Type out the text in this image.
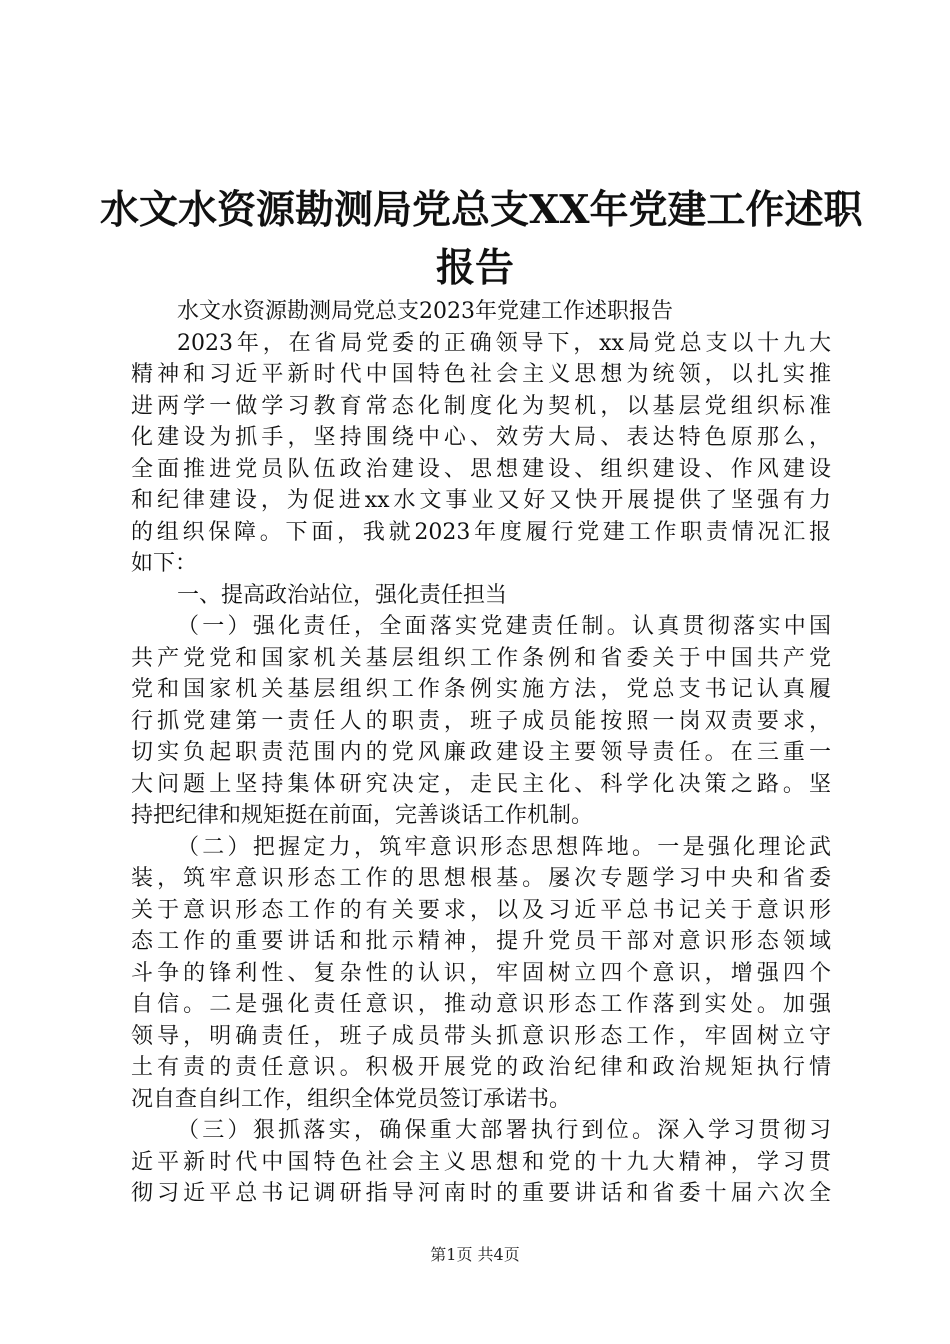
水文水资源勘测局党总支XX年党建工作述职
报告
水文水资源勘测局党总支2023年党建工作述职报告
2023年，在省局党委的正确领导下，xx局党总支以十九大
精神和习近平新时代中国特色社会主义思想为统领，以扎实推
进两学一做学习教育常态化制度化为契机，以基层党组织标准
化建设为抓手，坚持围绕中心、效劳大局、表达特色原那么，
全面推进党员队伍政治建设、思想建设、组织建设、作风建设
和纪律建设，为促进xx水文事业又好又快开展提供了坚强有力
的组织保障。下面，我就2023年度履行党建工作职责情况汇报
如下：
一、提高政治站位，强化责任担当
（一）强化责任，全面落实党建责任制。认真贯彻落实中国
共产党党和国家机关基层组织工作条例和省委关于中国共产党
党和国家机关基层组织工作条例实施方法，党总支书记认真履
行抓党建第一责任人的职责，班子成员能按照一岗双责要求，
切实负起职责范围内的党风廉政建设主要领导责任。在三重一
大问题上坚持集体研究决定，走民主化、科学化决策之路。坚
持把纪律和规矩挺在前面，完善谈话工作机制。
（二）把握定力，筑牢意识形态思想阵地。一是强化理论武
装，筑牢意识形态工作的思想根基。屡次专题学习中央和省委
关于意识形态工作的有关要求，以及习近平总书记关于意识形
态工作的重要讲话和批示精神，提升党员干部对意识形态领域
斗争的锋利性、复杂性的认识，牢固树立四个意识，增强四个
自信。二是强化责任意识，推动意识形态工作落到实处。加强
领导，明确责任，班子成员带头抓意识形态工作，牢固树立守
土有责的责任意识。积极开展党的政治纪律和政治规矩执行情
况自查自纠工作，组织全体党员签订承诺书。
（三）狠抓落实，确保重大部署执行到位。深入学习贯彻习
近平新时代中国特色社会主义思想和党的十九大精神，学习贯
彻习近平总书记调研指导河南时的重要讲话和省委十届六次全
第1页 共4页
